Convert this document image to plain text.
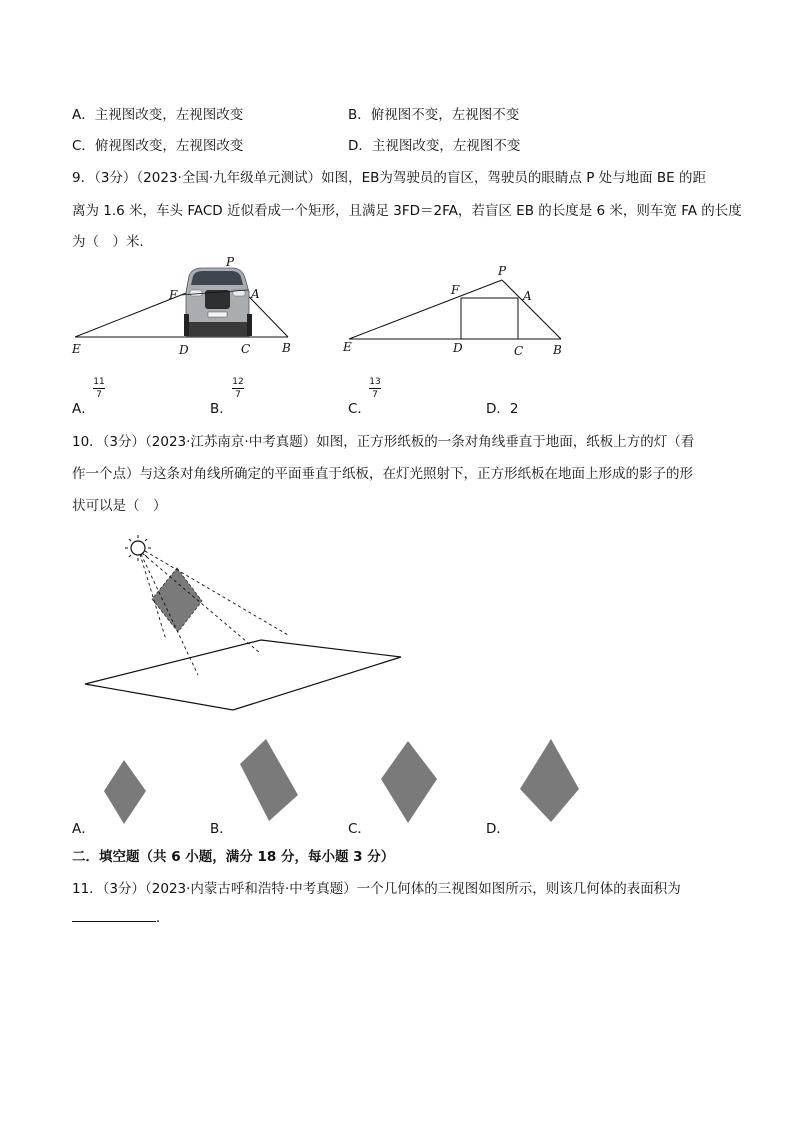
A．主视图改变，左视图改变	B．俯视图不变，左视图不变
C．俯视图改变，左视图改变	D．主视图改变，左视图不变
9．（3分）（2023·全国·九年级单元测试）如图，EB为驾驶员的盲区，驾驶员的眼睛点 P 处与地面 BE 的距
离为 1.6 米，车头 FACD 近似看成一个矩形，且满足 3FD＝2FA，若盲区 EB 的长度是 6 米，则车宽 FA 的长度
为（　）米．
P
F	A
E	D	C	B
P
F	A
E	D	C B
A．
11
7
B．
12
7
C．
13
7
D．2
10．（3分）（2023·江苏南京·中考真题）如图，正方形纸板的一条对角线垂直于地面，纸板上方的灯（看
作一个点）与这条对角线所确定的平面垂直于纸板，在灯光照射下，正方形纸板在地面上形成的影子的形
状可以是（　）
A．	B．	C．	D．
二．填空题（共 6 小题，满分 18 分，每小题 3 分）
11．（3分）（2023·内蒙古呼和浩特·中考真题）一个几何体的三视图如图所示，则该几何体的表面积为
．
